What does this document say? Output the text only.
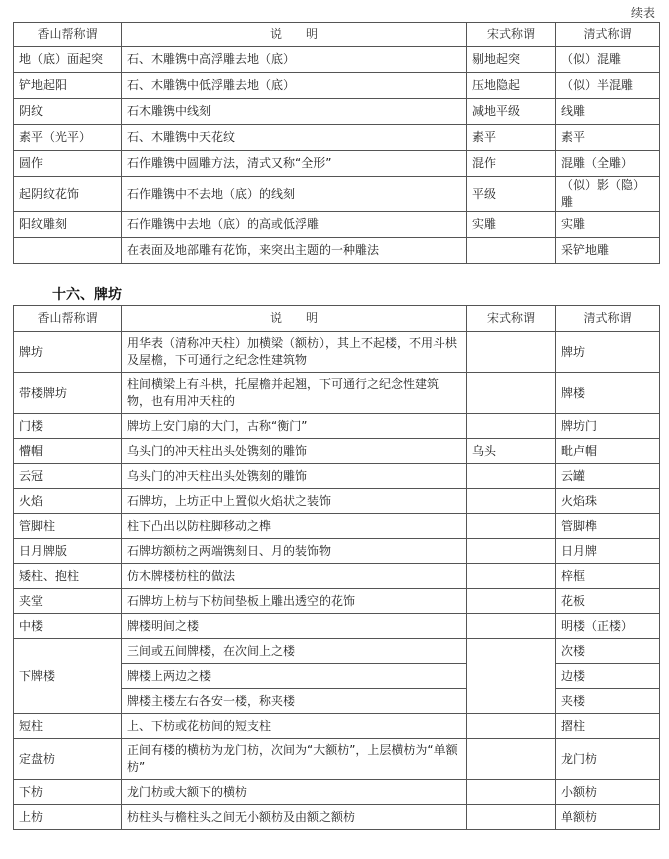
续表
香山帮称谓	说　　明	宋式称谓	清式称谓
地（底）面起突	石、木雕镌中高浮雕去地（底）	剔地起突	（似）混雕
铲地起阳	石、木雕镌中低浮雕去地（底）	压地隐起	（似）半混雕
阴纹	石木雕镌中线刻	减地平级	线雕
素平（光平）	石、木雕镌中天花纹	素平	素平
圆作	石作雕镌中圆雕方法，清式又称“全形”	混作	混雕（全雕）
起阴纹花饰	石作雕镌中不去地（底）的线刻	平级	（似）影（隐）雕
阳纹雕刻	石作雕镌中去地（底）的高或低浮雕	实雕	实雕
	在表面及地部雕有花饰，来突出主题的一种雕法		采铲地雕
十六、牌坊
香山帮称谓	说　　明	宋式称谓	清式称谓
牌坊	用华表（清称冲天柱）加横梁（额枋），其上不起楼，不用斗栱及屋檐，下可通行之纪念性建筑物		牌坊
带楼牌坊	柱间横梁上有斗栱，托屋檐并起翘，下可通行之纪念性建筑物，也有用冲天柱的		牌楼
门楼	牌坊上安门扇的大门，古称“衡门”		牌坊门
懵帽	乌头门的冲天柱出头处镌刻的雕饰	乌头	毗卢帽
云冠	乌头门的冲天柱出头处镌刻的雕饰		云罐
火焰	石牌坊，上坊正中上置似火焰状之装饰		火焰珠
管脚柱	柱下凸出以防柱脚移动之榫		管脚榫
日月牌版	石牌坊额枋之两端镌刻日、月的装饰物		日月牌
矮柱、抱柱	仿木牌楼枋柱的做法		梓框
夹堂	石牌坊上枋与下枋间垫板上雕出透空的花饰		花板
中楼	牌楼明间之楼		明楼（正楼）
下牌楼	三间或五间牌楼，在次间上之楼		次楼
	牌楼上两边之楼		边楼
	牌楼主楼左右各安一楼，称夹楼		夹楼
短柱	上、下枋或花枋间的短支柱		摺柱
定盘枋	正间有楼的横枋为龙门枋，次间为“大额枋”，上层横枋为“单额枋”		龙门枋
下枋	龙门枋或大额下的横枋		小额枋
上枋	枋柱头与檐柱头之间无小额枋及由额之额枋		单额枋
